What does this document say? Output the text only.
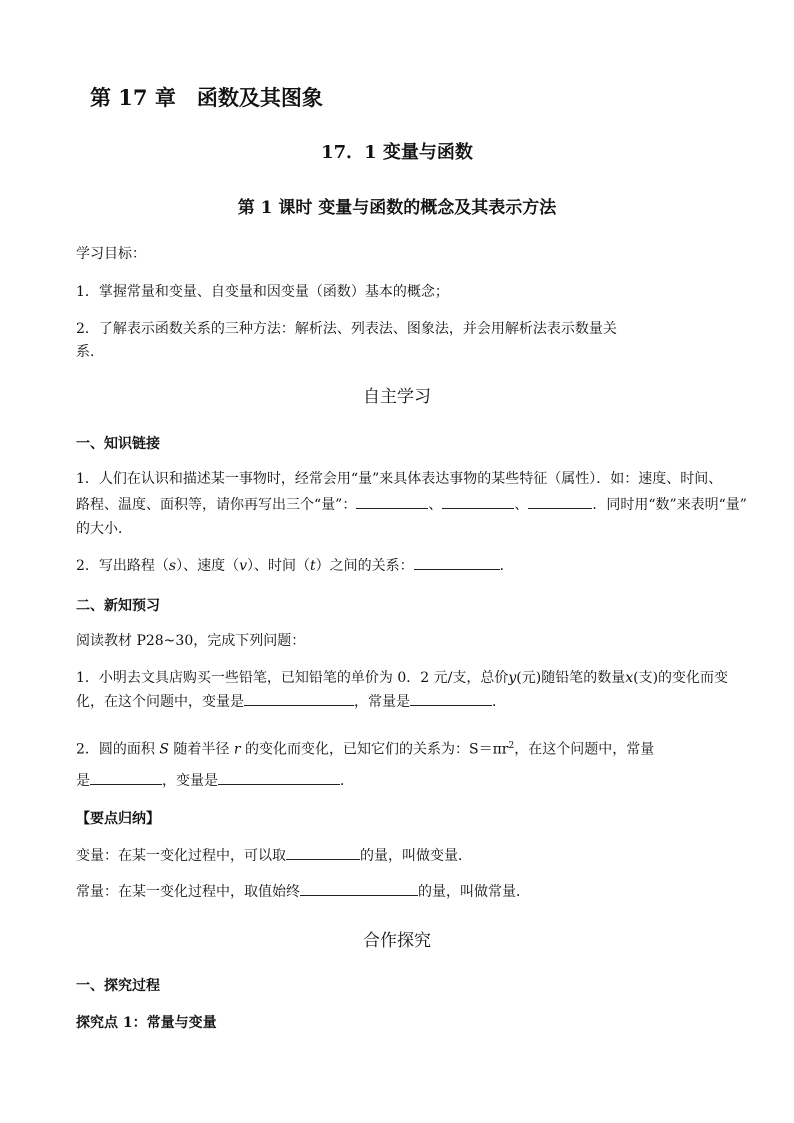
第 17 章　函数及其图象
17．1 变量与函数
第 1 课时 变量与函数的概念及其表示方法
学习目标：
1．掌握常量和变量、自变量和因变量（函数）基本的概念；
2．了解表示函数关系的三种方法：解析法、列表法、图象法，并会用解析法表示数量关
系．
自主学习
一、知识链接
1．人们在认识和描述某一事物时，经常会用“量”来具体表达事物的某些特征（属性）．如：速度、时间、
路程、温度、面积等，请你再写出三个“量”：	、	、	．同时用“数”来表明“量”
的大小．
2．写出路程（s）、速度（v）、时间（t）之间的关系：	．
二、新知预习
阅读教材 P28~30，完成下列问题：
1．小明去文具店购买一些铅笔，已知铅笔的单价为 0．2 元/支，总价y(元)随铅笔的数量x(支)的变化而变
化，在这个问题中，变量是	，常量是	．
2．圆的面积 S 随着半径 r 的变化而变化，已知它们的关系为：$S=\pi r^2$，在这个问题中，常量
是	，变量是	．
【要点归纳】
变量：在某一变化过程中，可以取	的量，叫做变量．
常量：在某一变化过程中，取值始终	的量，叫做常量．
合作探究
一、探究过程
探究点 1：常量与变量
